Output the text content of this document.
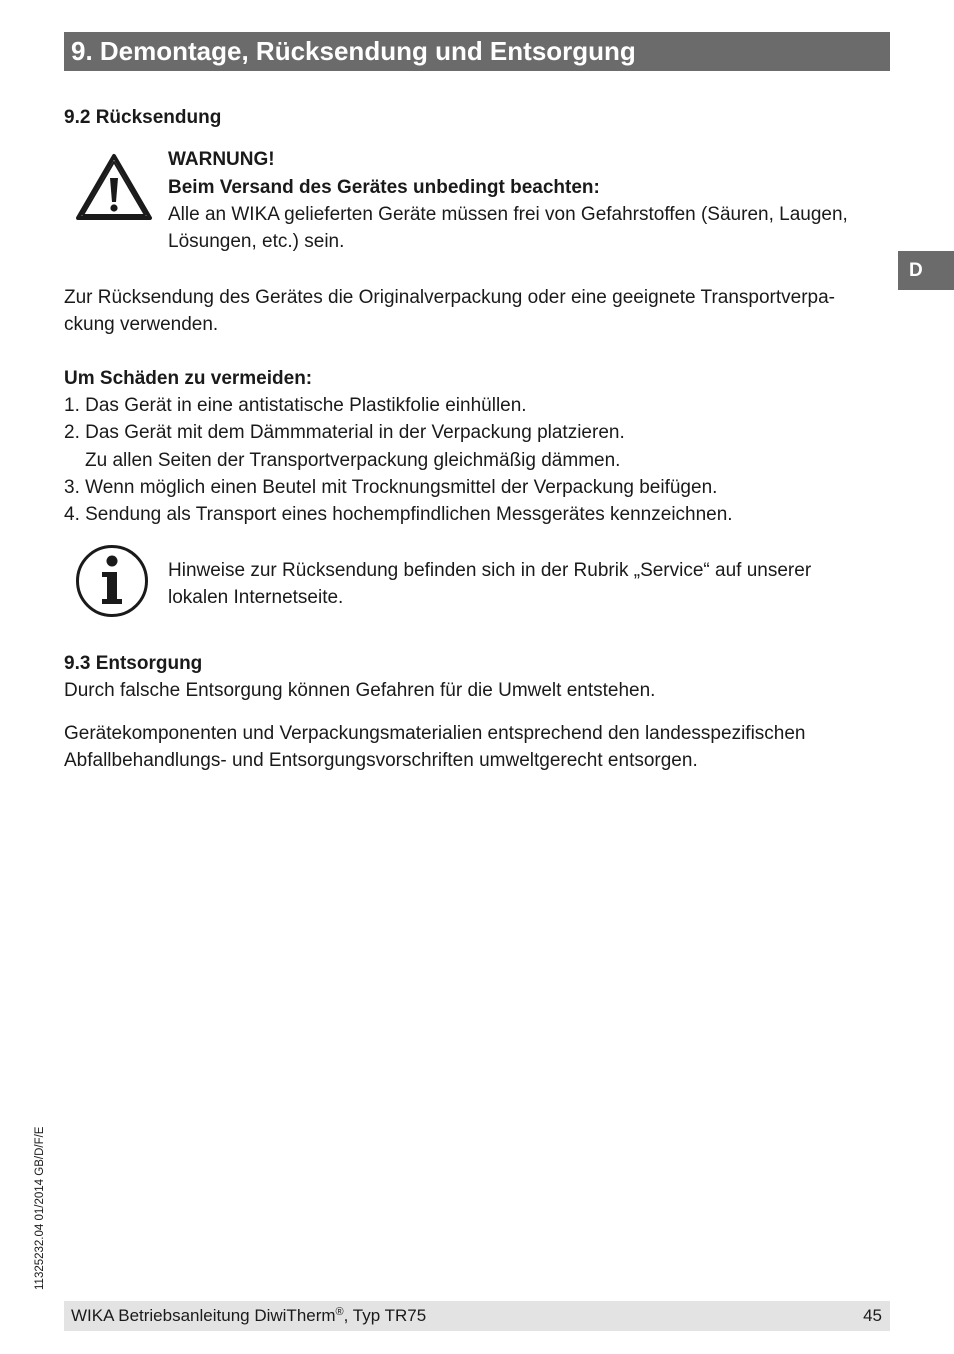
9. Demontage, Rücksendung und Entsorgung
D
9.2 Rücksendung
WARNUNG!
Beim Versand des Gerätes unbedingt beachten:
Alle an WIKA gelieferten Geräte müssen frei von Gefahrstoffen (Säuren, Laugen,
Lösungen, etc.) sein.
Zur Rücksendung des Gerätes die Originalverpackung oder eine geeignete Transportverpa-
ckung verwenden.
Um Schäden zu vermeiden:
1. Das Gerät in eine antistatische Plastikfolie einhüllen.
2. Das Gerät mit dem Dämmmaterial in der Verpackung platzieren.
Zu allen Seiten der Transportverpackung gleichmäßig dämmen.
3. Wenn möglich einen Beutel mit Trocknungsmittel der Verpackung beifügen.
4. Sendung als Transport eines hochempfindlichen Messgerätes kennzeichnen.
Hinweise zur Rücksendung befinden sich in der Rubrik „Service“ auf unserer
lokalen Internetseite.
9.3 Entsorgung
Durch falsche Entsorgung können Gefahren für die Umwelt entstehen.
Gerätekomponenten und Verpackungsmaterialien entsprechend den landesspezifischen
Abfallbehandlungs- und Entsorgungsvorschriften umweltgerecht entsorgen.
11325232.04 01/2014 GB/D/F/E
WIKA Betriebsanleitung DiwiTherm®, Typ TR75	45
